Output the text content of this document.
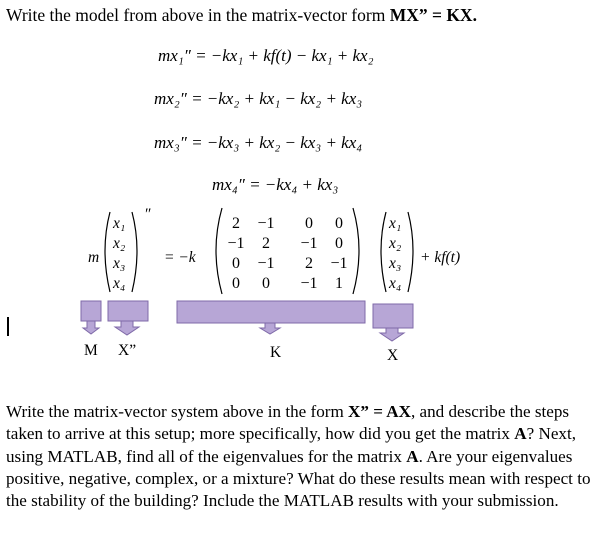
Write the model from above in the matrix-vector form MX” = KX.
mx₁″ = −kx₁ + kf(t) − kx₁ + kx₂
mx₂″ = −kx₂ + kx₁ − kx₂ + kx₃
mx₃″ = −kx₃ + kx₂ − kx₃ + kx₄
mx₄″ = −kx₄ + kx₃
m
x₁
x₂
x₃
x₄
″
= −k
2 −1 0 0
−1 2 −1 0
0 −1 2 −1
0 0 −1 1
x₁
x₂
x₃
x₄
+ kf(t)
M X”	K	X
Write the matrix-vector system above in the form X” = AX, and describe the steps taken to arrive at this setup; more specifically, how did you get the matrix A? Next, using MATLAB, find all of the eigenvalues for the matrix A. Are your eigenvalues positive, negative, complex, or a mixture? What do these results mean with respect to the stability of the building? Include the MATLAB results with your submission.
